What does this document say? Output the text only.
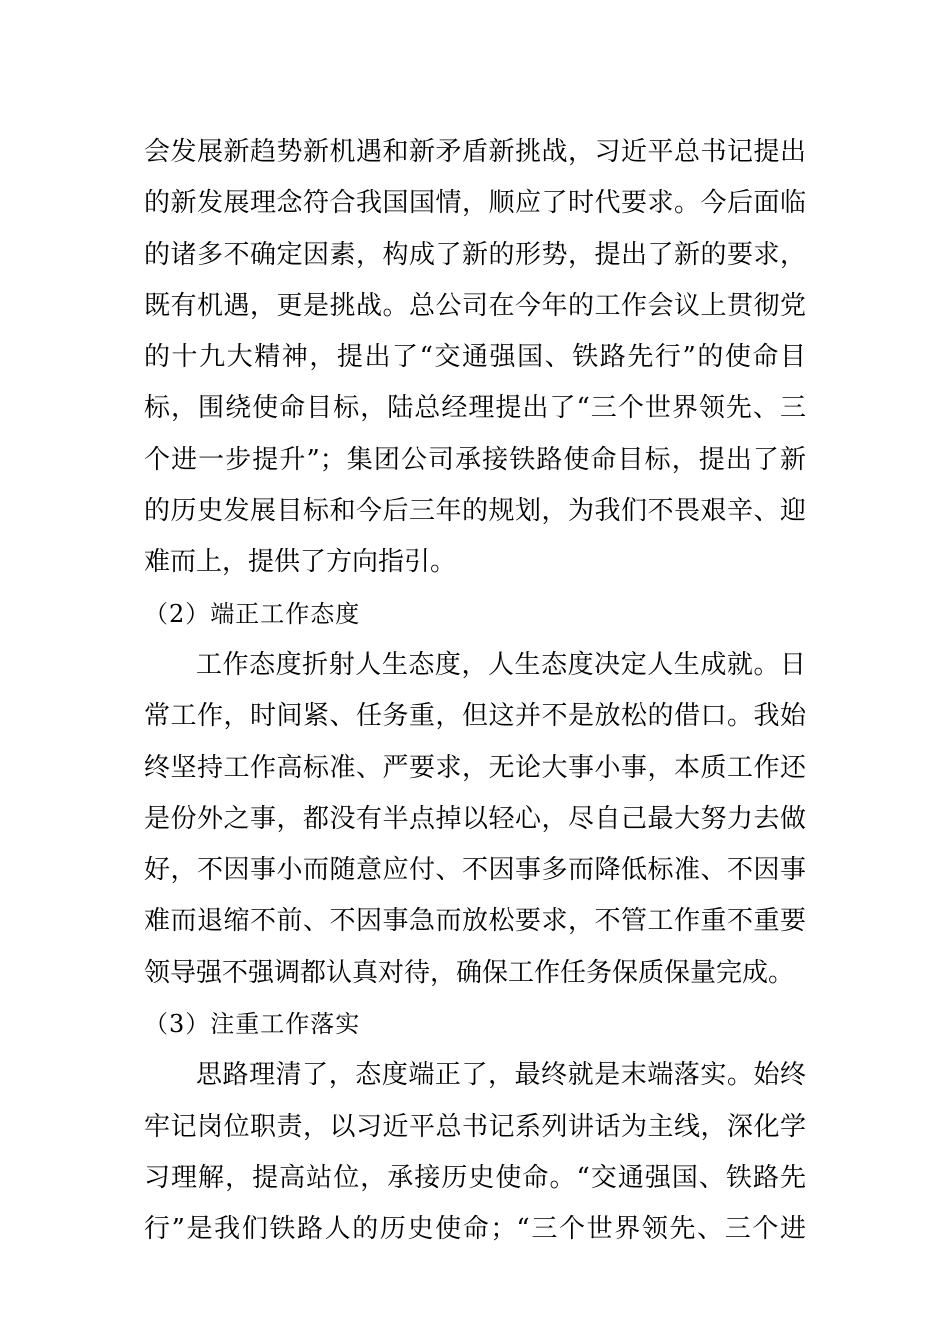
会发展新趋势新机遇和新矛盾新挑战，习近平总书记提出
的新发展理念符合我国国情，顺应了时代要求。今后面临
的诸多不确定因素，构成了新的形势，提出了新的要求，
既有机遇，更是挑战。总公司在今年的工作会议上贯彻党
的十九大精神，提出了“交通强国、铁路先行”的使命目
标，围绕使命目标，陆总经理提出了“三个世界领先、三
个进一步提升”；集团公司承接铁路使命目标，提出了新
的历史发展目标和今后三年的规划，为我们不畏艰辛、迎
难而上，提供了方向指引。
（2）端正工作态度
工作态度折射人生态度，人生态度决定人生成就。日
常工作，时间紧、任务重，但这并不是放松的借口。我始
终坚持工作高标准、严要求，无论大事小事，本质工作还
是份外之事，都没有半点掉以轻心，尽自己最大努力去做
好，不因事小而随意应付、不因事多而降低标准、不因事
难而退缩不前、不因事急而放松要求，不管工作重不重要
领导强不强调都认真对待，确保工作任务保质保量完成。
（3）注重工作落实
思路理清了，态度端正了，最终就是末端落实。始终
牢记岗位职责，以习近平总书记系列讲话为主线，深化学
习理解，提高站位，承接历史使命。“交通强国、铁路先
行”是我们铁路人的历史使命；“三个世界领先、三个进
